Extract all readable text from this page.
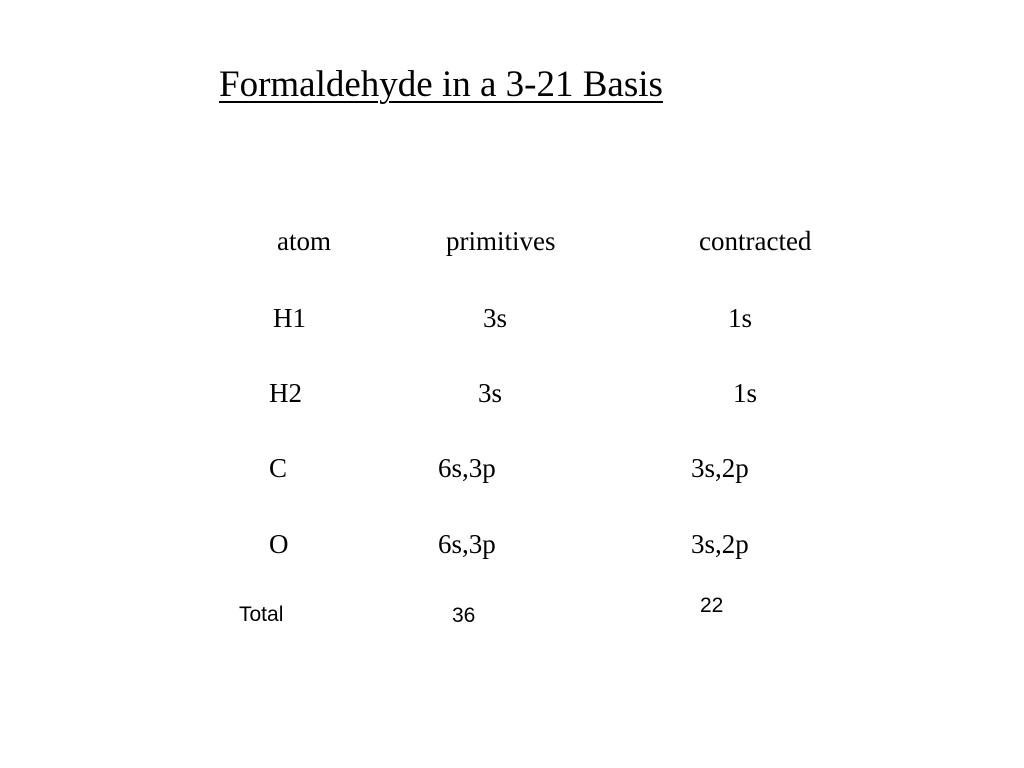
Formaldehyde in a 3-21 Basis
atom	primitives	contracted
H1	3s	1s
H2	3s	1s
C	6s,3p	3s,2p
O	6s,3p	3s,2p
Total	36	22
